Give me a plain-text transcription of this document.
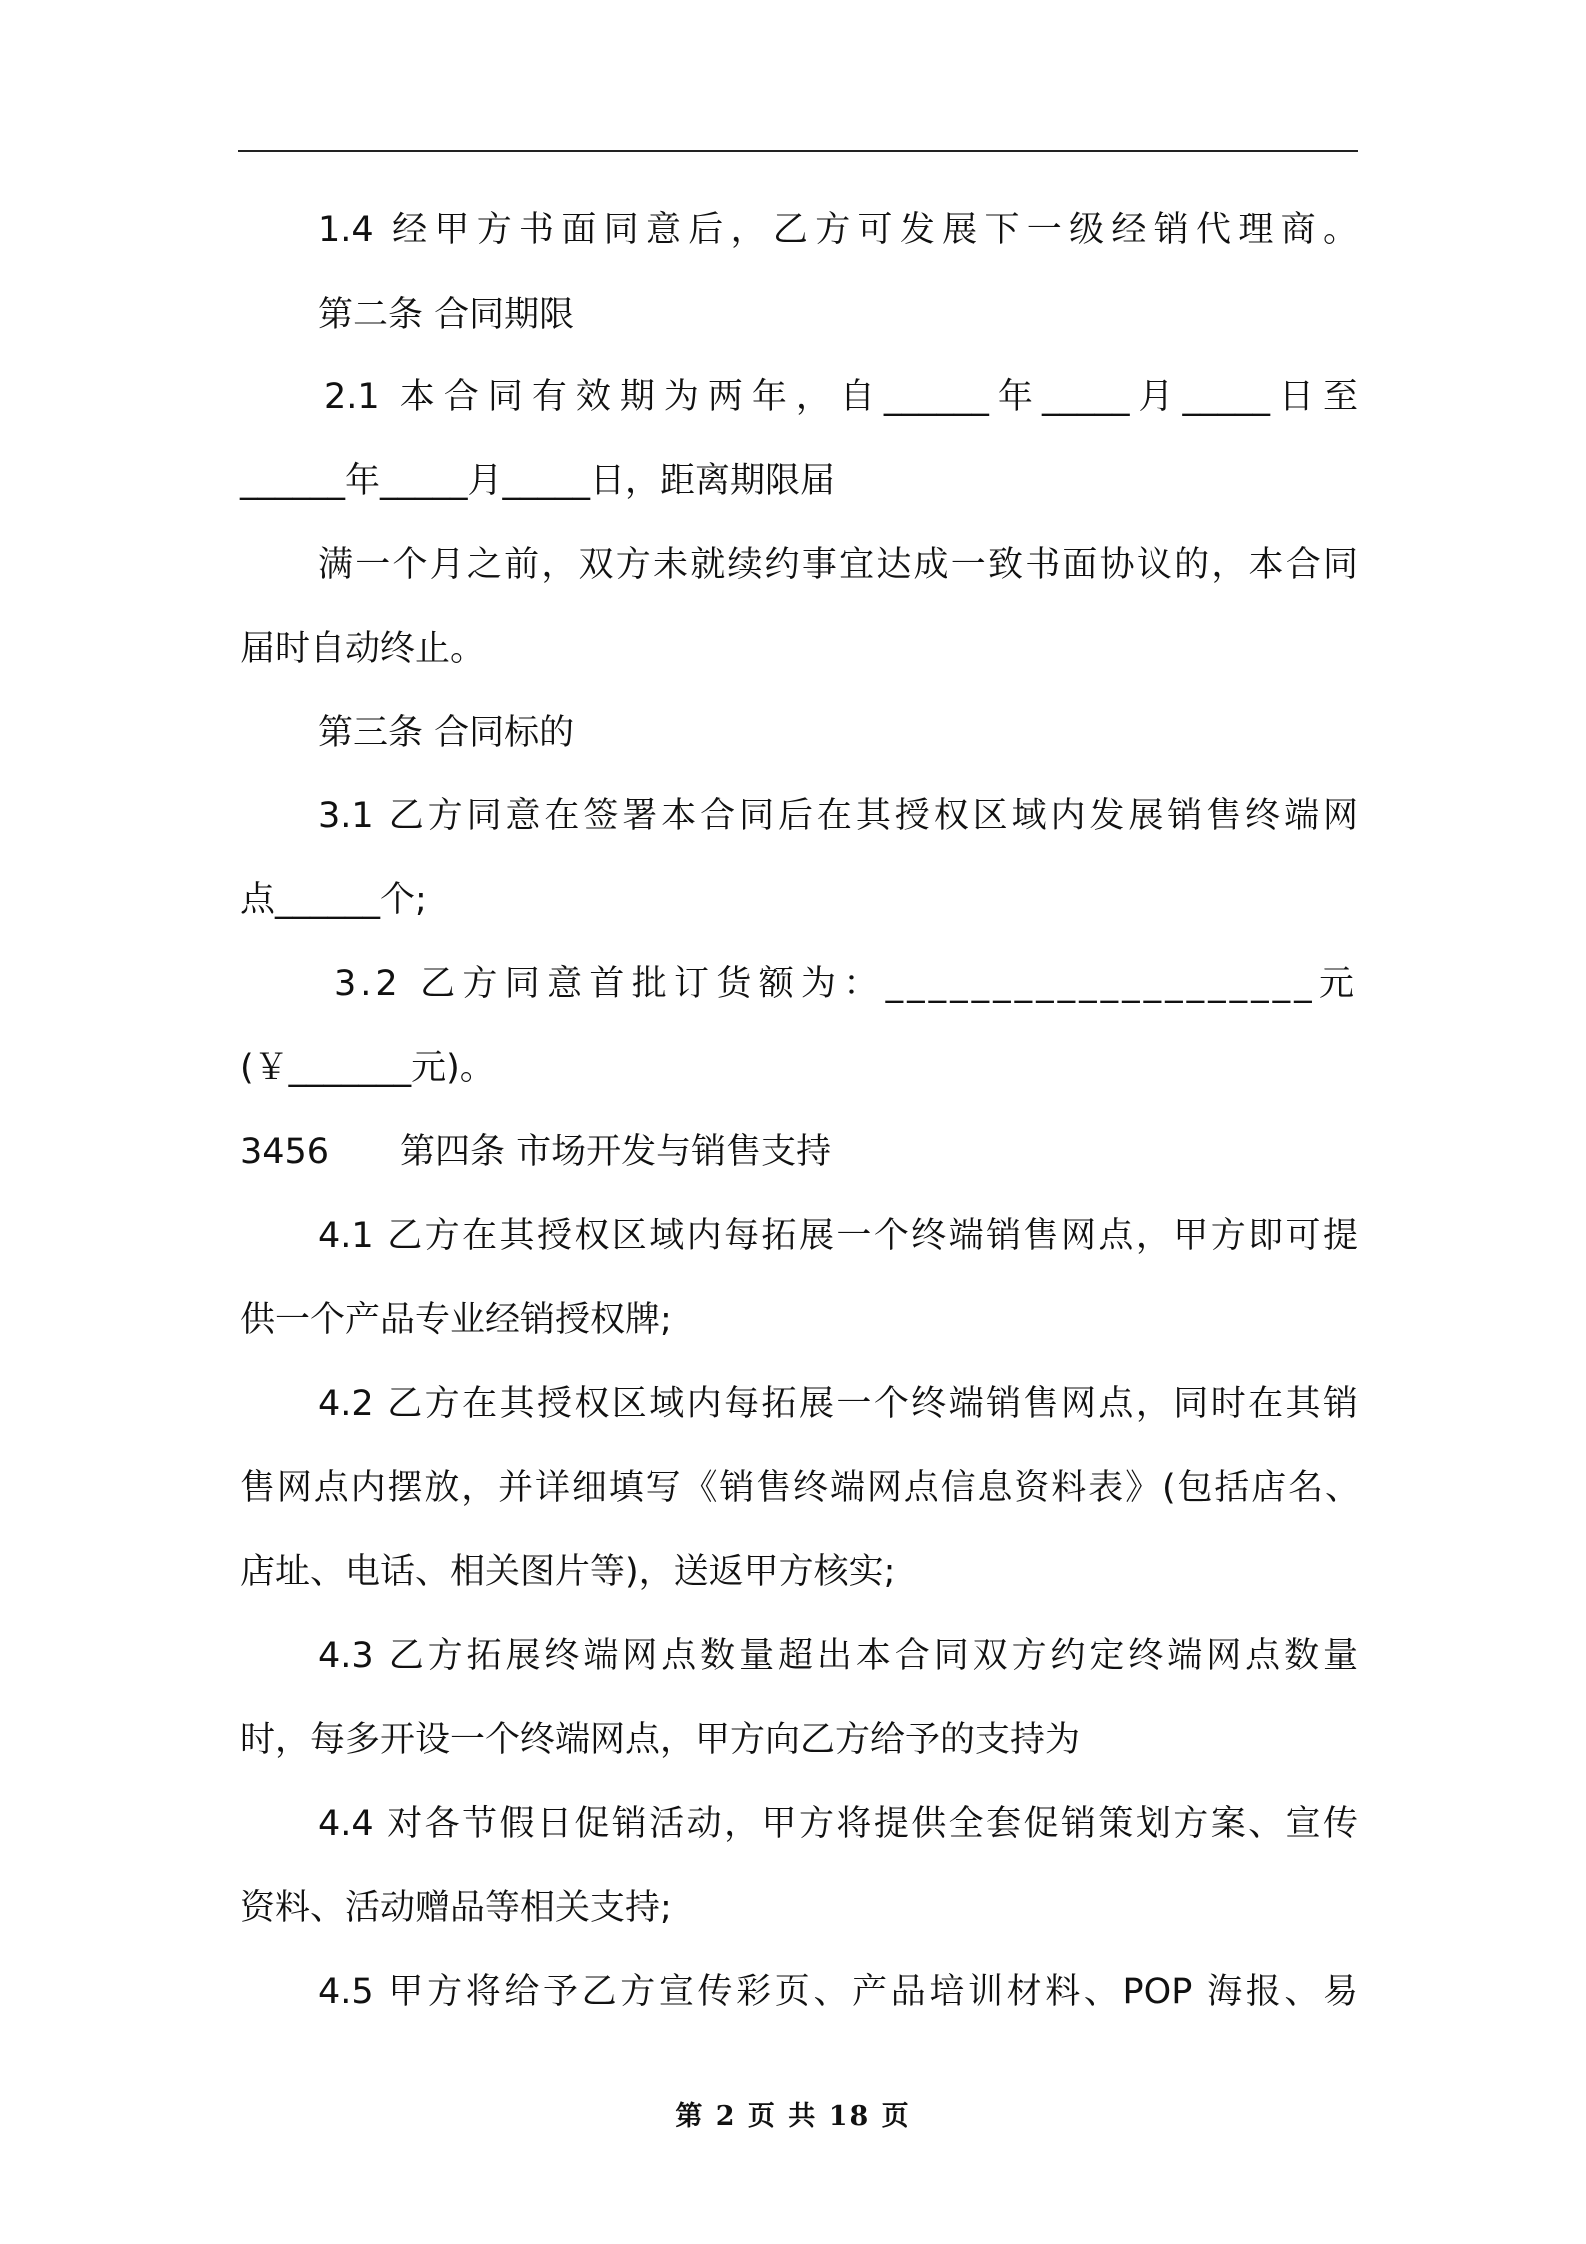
1.4 经甲方书面同意后，乙方可发展下一级经销代理商。
第二条 合同期限
2.1 本合同有效期为两年，自______年_____月_____日至
______年_____月_____日，距离期限届
满一个月之前，双方未就续约事宜达成一致书面协议的，本合同
届时自动终止。
第三条 合同标的
3.1 乙方同意在签署本合同后在其授权区域内发展销售终端网
点______个;
3.2 乙方同意首批订货额为：____________________元
(￥_______元)。
3456 第四条 市场开发与销售支持
4.1 乙方在其授权区域内每拓展一个终端销售网点，甲方即可提
供一个产品专业经销授权牌;
4.2 乙方在其授权区域内每拓展一个终端销售网点，同时在其销
售网点内摆放，并详细填写《销售终端网点信息资料表》(包括店名、
店址、电话、相关图片等)，送返甲方核实;
4.3 乙方拓展终端网点数量超出本合同双方约定终端网点数量
时，每多开设一个终端网点，甲方向乙方给予的支持为
4.4 对各节假日促销活动，甲方将提供全套促销策划方案、宣传
资料、活动赠品等相关支持;
4.5 甲方将给予乙方宣传彩页、产品培训材料、POP 海报、易
第 2 页 共 18 页
